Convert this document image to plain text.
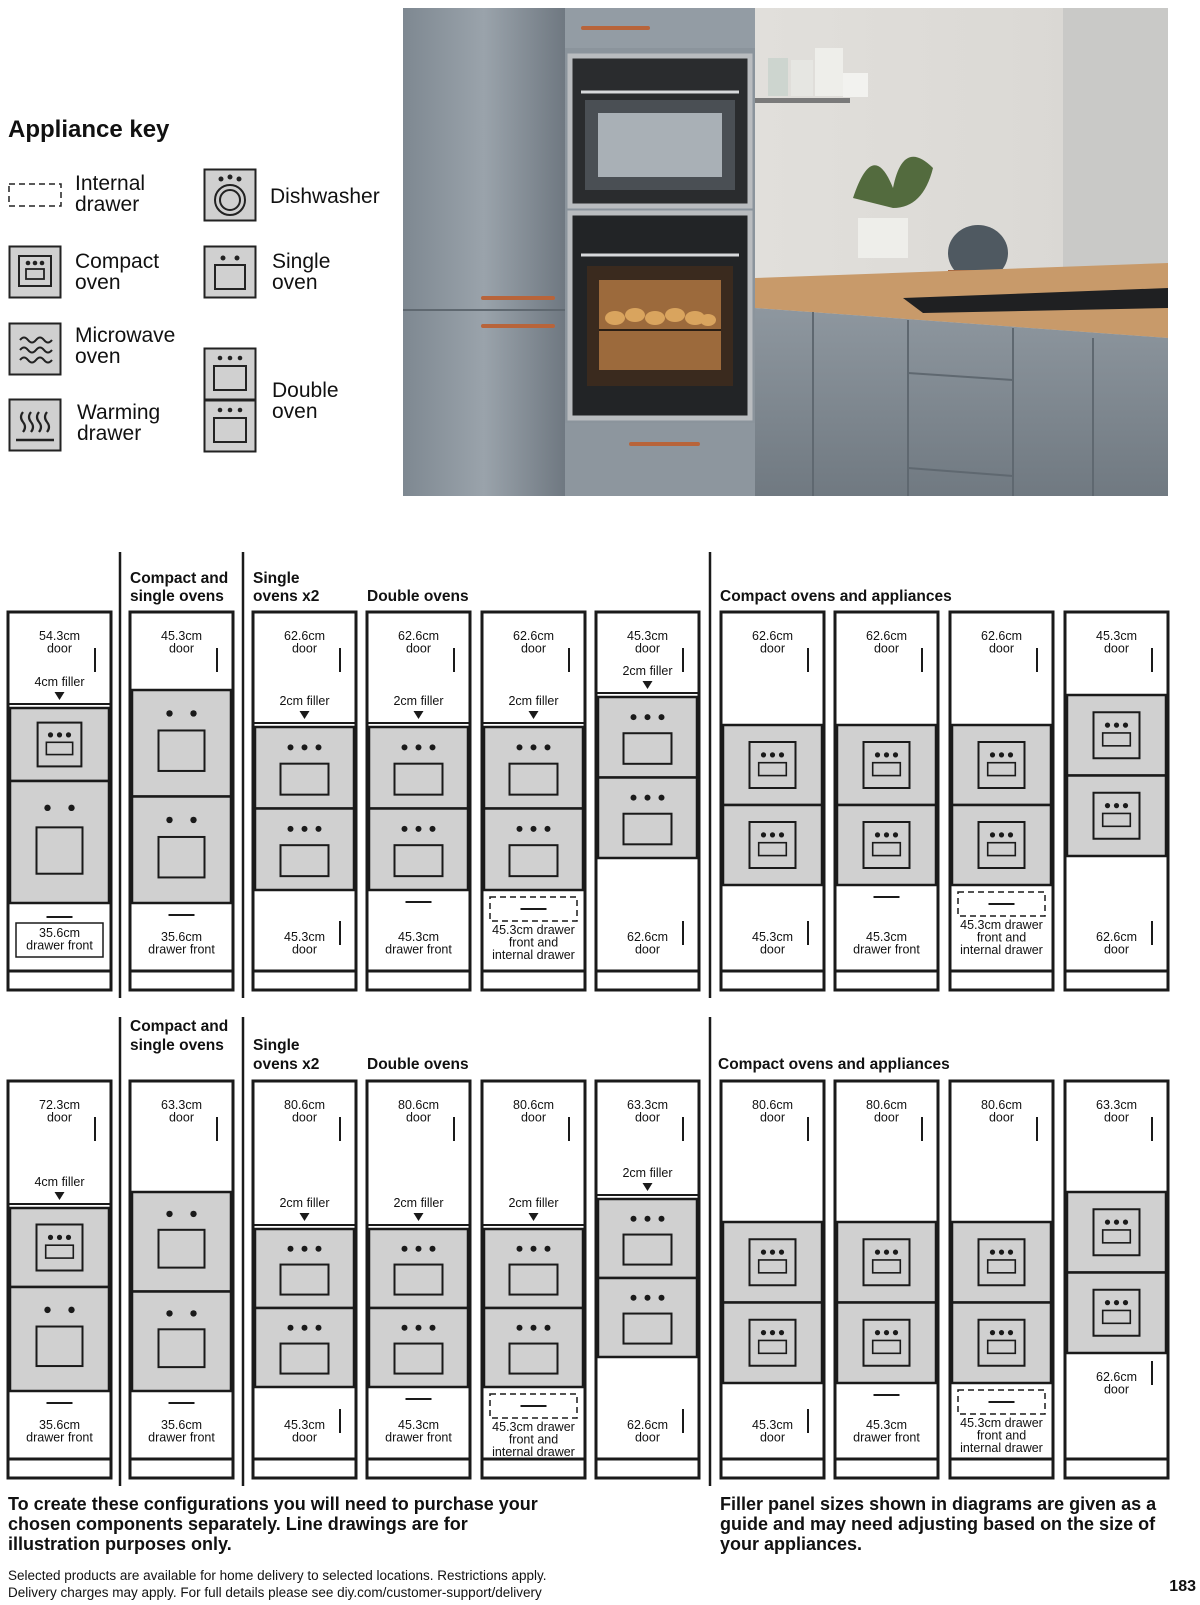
Appliance key
Internal drawer	Dishwasher
Compact oven
Single oven
Microwave oven
Double oven
Warming drawer
54.3cm door
4cm filler
35.6cm drawer front
45.3cm door
35.6cm drawer front
62.6cm door
2cm filler
45.3cm door
62.6cm door
2cm filler
45.3cm drawer front
62.6cm door
2cm filler
45.3cm drawer front and internal drawer
45.3cm door
2cm filler
62.6cm door
62.6cm door
45.3cm door
62.6cm door
45.3cm drawer front
62.6cm door
45.3cm drawer front and internal drawer
45.3cm door
62.6cm door
72.3cm door
4cm filler
35.6cm drawer front
63.3cm door
35.6cm drawer front
80.6cm door
2cm filler
45.3cm door
80.6cm door
2cm filler
45.3cm drawer front
80.6cm door
2cm filler
45.3cm drawer front and internal drawer
63.3cm door
2cm filler
62.6cm door
80.6cm door
45.3cm door
80.6cm door
45.3cm drawer front
80.6cm door
45.3cm drawer front and internal drawer
63.3cm door
62.6cm door
Compact and single ovens
Single ovens x2	Double ovens	Compact ovens and appliances
Compact and single ovens	Single ovens x2	Double ovens	Compact ovens and appliances
To create these configurations you will need to purchase your chosen components separately. Line drawings are for illustration purposes only.
Filler panel sizes shown in diagrams are given as a guide and may need adjusting based on the size of your appliances.
Selected products are available for home delivery to selected locations. Restrictions apply.
Delivery charges may apply. For full details please see diy.com/customer-support/delivery	183
